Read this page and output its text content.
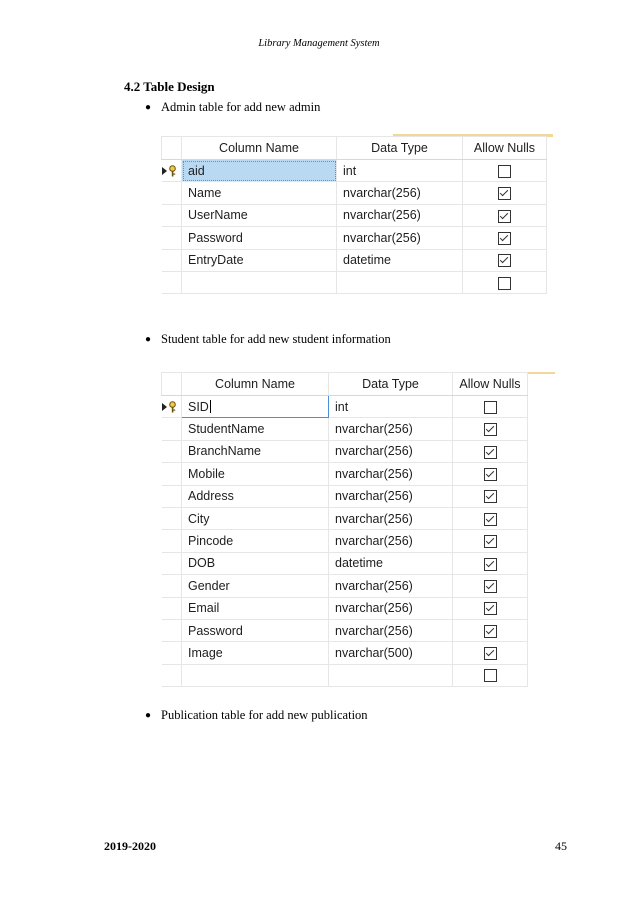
Library Management System
4.2 Table Design
● Admin table for add new admin
	Column Name	Data Type	Allow Nulls

	aid	int	
	Name	nvarchar(256)	
	UserName	nvarchar(256)	
	Password	nvarchar(256)	
	EntryDate	datetime	

● Student table for add new student information
	Column Name	Data Type	Allow Nulls

	SID	int	
	StudentName	nvarchar(256)	
	BranchName	nvarchar(256)	
	Mobile	nvarchar(256)	
	Address	nvarchar(256)	
	City	nvarchar(256)	
	Pincode	nvarchar(256)	
	DOB	datetime	
	Gender	nvarchar(256)	
	Email	nvarchar(256)	
	Password	nvarchar(256)	
	Image	nvarchar(500)	

● Publication table for add new publication
2019-2020	45
